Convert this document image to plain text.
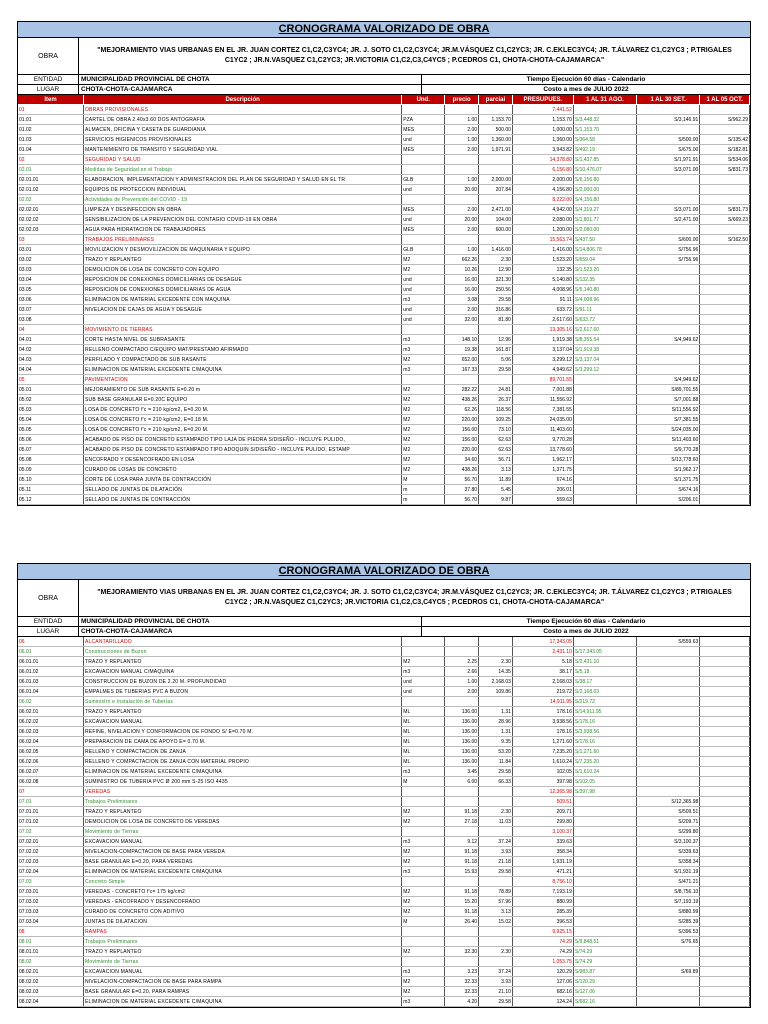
CRONOGRAMA VALORIZADO DE OBRA
OBRA
"MEJORAMIENTO VIAS URBANAS EN EL JR. JUAN CORTEZ C1,C2,C3YC4; JR. J. SOTO C1,C2,C3YC4; JR.M.VÁSQUEZ C1,C2YC3; JR. C.EKLEC3YC4; JR. T.ÁLVAREZ C1,C2YC3 ; P.TRIGALES C1YC2 ; JR.N.VASQUEZ C1,C2YC3; JR.VICTORIA C1,C2,C3,C4YC5 ; P.CEDROS C1, CHOTA-CHOTA-CAJAMARCA"
ENTIDAD	MUNICIPALIDAD PROVINCIAL DE CHOTA	Tiempo Ejecución 60 días - Calendario
LUGAR	CHOTA-CHOTA-CAJAMARCA	Costo a mes de JULIO 2022
Item	Descripción	Und.	precio	parcial	PRESUPUES.	1 AL 31 AGO.	1 AL 30 SET.	1 AL 05 OCT.
01	OBRAS PROVISIONALES				7,441.52			
01.01	CARTEL DE OBRA 2.40x3.60 DOS ANTOGRAFIA	PZA	1.00	1,153.70	1,153.70	S/3,448.32	S/3,146.91	S/962.29
01.02	ALMACEN, OFICINA Y CASETA DE GUARDIANIA	MES	2.00	500.00	1,000.00	S/1,153.70		
01.03	SERVICIOS HIGIENICOS PROVISIONALES	und	1.00	1,360.00	1,360.00	S/364.58	S/500.00	S/135.42
01.04	MANTENIMIENTO DE TRANSITO Y SEGURIDAD VIAL	MES	2.00	1,971.91	3,943.82	S/492.19	S/675.00	S/182.81
02	SEGURIDAD Y SALUD				14,378.80	S/1,437.85	S/1,971.91	S/534.06
02.01	Medidas de Seguridad en el Trabajo				6,156.80	S/10,476.07	S/3,071.00	S/831.73
02.01.01	ELABORACION, IMPLEMENTACION Y ADMINISTRACION DEL PLAN DE SEGURIDAD Y SALUD EN EL TR	GLB	1.00	2,000.00	2,000.00	S/6,156.80		
02.01.02	EQUIPOS DE PROTECCION INDIVIDUAL	und	20.00	207.84	4,156.80	S/2,000.00		
02.02	Actividades de Prevención del COVID - 19				8,222.00	S/4,156.80		
02.02.01	LIMPIEZA Y DESINFECCION EN OBRA	MES	2.00	2,471.00	4,942.00	S/4,319.27	S/3,071.00	S/831.73
02.02.02	SENSIBILIZACION DE LA PREVENCION DEL CONTAGIO COVID-19 EN OBRA	und	20.00	104.00	2,080.00	S/1,801.77	S/2,471.00	S/669.23
02.02.03	AGUA PARA HIDRATACION DE TRABAJADORES	MES	2.00	600.00	1,200.00	S/2,080.00		
03	TRABAJOS PRELIMINARES				15,563.74	S/437.50	S/600.00	S/162.50
03.01	MOVILIZACION Y DESMOVILIZACION DE MAQUINARIA Y EQUIPO	GLB	1.00	1,416.00	1,416.00	S/14,806.78	S/756.96	
03.02	TRAZO Y REPLANTEO	M2	662.26	2.30	1,523.20	S/659.04	S/756.96	
03.03	DEMOLICION DE LOSA DE CONCRETO CON EQUIPO	M2	10.26	12.90	132.35	S/1,523.20		
03.04	REPOSICION DE CONEXIONES DOMICILIARIAS DE DESAGUE	und	16.00	321.30	5,140.80	S/132.35		
03.05	REPOSICION DE CONEXIONES DOMICILIARIAS DE AGUA	und	16.00	250.56	4,008.96	S/5,140.80		
03.06	ELIMINACION DE MATERIAL EXCEDENTE CON MAQUINA	m3	3.08	29.58	91.11	S/4,008.96		
03.07	NIVELACION DE CAJAS DE AGUA Y DESAGUE	und	2.00	316.86	633.72	S/91.11		
03.08		und	32.00	81.80	2,617.60	S/633.72		
04	MOVIMIENTO DE TIERRAS				13,305.16	S/2,617.60		
04.01	CORTE HASTA NIVEL DE SUBRASANTE	m3	148.10	12.96	1,919.38	S/8,355.54	S/4,949.62	
04.02	RELLENO COMPACTADO C/EQUIPO MAT/PRESTAMO AFIRMADO	m3	19.38	161.87	3,137.04	S/1,919.38		
04.03	PERFILADO Y COMPACTADO DE SUB RASANTE	M2	652.00	5.06	3,299.12	S/3,137.04		
04.04	ELIMINACION DE MATERIAL EXCEDENTE C/MAQUINA	m3	167.33	29.58	4,949.62	S/3,299.12		
05	PAVIMENTACION				89,701.55		S/4,949.62	
05.01	MEJORAMIENTO DE SUB RASANTE E=0.20 m	M2	282.22	24.81	7,001.88		S/89,701.55	
05.02	SUB BASE GRANULAR E=0.20C EQUIPO	M2	438.26	26.37	11,556.92		S/7,001.88	
05.03	LOSA DE CONCRETO f'c = 210 kg/cm2, E=0.20 M.	M2	62.26	118.56	7,381.55		S/11,556.92	
05.04	LOSA DE CONCRETO f'c = 210 kg/cm2, E=0.18 M.	M2	220.00	109.25	24,035.00		S/7,381.55	
05.05	LOSA DE CONCRETO f'c = 210 kg/cm2, E=0.20 M.	M2	156.00	73.10	11,403.60		S/24,035.00	
05.06	ACABADO DE PISO DE CONCRETO ESTAMPADO TIPO LAJA DE PIEDRA S/DISEÑO - INCLUYE PULIDO,	M2	156.00	62.63	9,770.28		S/11,403.60	
05.07	ACABADO DE PISO DE CONCRETO ESTAMPADO TIPO ADOQUIN S/DISEÑO - INCLUYE PULIDO, ESTAMP	M2	220.00	62.63	13,778.60		S/9,770.28	
05.08	ENCOFRADO Y DESENCOFRADO EN LOSA	M2	34.60	56.71	1,962.17		S/13,778.60	
05.09	CURADO DE LOSAS DE CONCRETO	M2	438.26	3.13	1,371.75		S/1,962.17	
05.10	CORTE DE LOSA PARA JUNTA DE CONTRACCIÓN	M	56.70	11.89	674.16		S/1,371.75	
05.11	SELLADO DE JUNTAS DE DILATACIÓN	m	37.80	5.45	206.01		S/674.16	
05.12	SELLADO DE JUNTAS DE CONTRACCIÓN	m	56.70	9.87	559.63		S/206.01	
CRONOGRAMA VALORIZADO DE OBRA
OBRA
"MEJORAMIENTO VIAS URBANAS EN EL JR. JUAN CORTEZ C1,C2,C3YC4; JR. J. SOTO C1,C2,C3YC4; JR.M.VÁSQUEZ C1,C2YC3; JR. C.EKLEC3YC4; JR. T.ÁLVAREZ C1,C2YC3 ; P.TRIGALES C1YC2 ; JR.N.VASQUEZ C1,C2YC3; JR.VICTORIA C1,C2,C3,C4YC5 ; P.CEDROS C1, CHOTA-CHOTA-CAJAMARCA"
ENTIDAD	MUNICIPALIDAD PROVINCIAL DE CHOTA	Tiempo Ejecución 60 días - Calendario
LUGAR	CHOTA-CHOTA-CAJAMARCA	Costo a mes de JULIO 2022
06	ALCANTARILLADO				17,343.05		S/559.63	
06.01	Construcciones de Buzon				2,431.10	S/17,343.05		
06.01.01	TRAZO Y REPLANTEO	M2	2.25	2.30	5.18	S/2,431.10		
06.01.02	EXCAVACION MANUAL C/MAQUINA	m3	2.66	14.35	38.17	S/5.18		
06.01.03	CONSTRUCCION DE BUZON DE 2.20 M. PROFUNDIDAD	und	1.00	2,168.03	2,168.03	S/38.17		
06.01.04	EMPALMES DE TUBERIAS PVC A BUZON	und	2.00	109.86	219.72	S/2,168.03		
06.02	Suministro e Instalación de Tuberías				14,911.95	S/219.72		
06.02.01	TRAZO Y REPLANTEO	ML	136.00	1.31	178.16	S/14,911.95		
06.02.02	EXCAVACION MANUAL	ML	136.00	28.96	3,938.56	S/178.16		
06.02.03	REFINE, NIVELACION Y CONFORMACION DE FONDO S/ E=0.70 M.	ML	136.00	1.31	178.16	S/3,938.56		
06.02.04	PREPARACION DE CAMA DE APOYO E= 0.70 M.	ML	136.00	9.35	1,271.60	S/178.16		
06.02.05	RELLENO Y COMPACTACION DE ZANJA	ML	136.00	53.20	7,235.20	S/1,271.60		
06.02.06	RELLENO Y COMPACTACION DE ZANJA CON MATERIAL PROPIO	ML	136.00	11.84	1,610.24	S/7,235.20		
06.02.07	ELIMINACION DE MATERIAL EXCEDENTE C/MAQUINA	m3	3.45	29.58	102.05	S/1,610.24		
06.02.08	SUMINISTRO DE TUBERIA PVC Ø 200 mm S-25 ISO 4435	M	6.00	66.33	397.98	S/102.05		
07	VEREDAS				12,365.98	S/397.98		
07.01	Trabajos Preliminares				509.51		S/12,365.98	
07.01.01	TRAZO Y REPLANTEO	M2	91.18	2.30	209.71		S/509.51	
07.01.02	DEMOLICION DE LOSA DE CONCRETO DE VEREDAS	M2	27.18	11.03	299.80		S/209.71	
07.02	Movimiento de Tierras				3,100.37		S/299.80	
07.02.01	EXCAVACION MANUAL	m3	9.12	37.24	339.63		S/3,100.37	
07.02.02	NIVELACION-COMPACTACION DE BASE PARA VEREDA	M2	91.18	3.93	358.34		S/339.63	
07.02.03	BASE GRANULAR E=0.20, PARA VEREDAS	M2	91.18	21.18	1,931.19		S/358.34	
07.02.04	ELIMINACION DE MATERIAL EXCEDENTE C/MAQUINA	m3	15.93	29.58	471.21		S/1,931.19	
07.03	Concreto Simple				8,756.10		S/471.21	
07.03.01	VEREDAS - CONCRETO f'c= 175 kg/cm2	M2	91.18	78.89	7,193.19		S/8,756.10	
07.03.02	VEREDAS - ENCOFRADO Y DESENCOFRADO	M2	15.20	57.96	880.99		S/7,193.19	
07.03.03	CURADO DE CONCRETO CON ADITIVO	M2	91.18	3.13	285.39		S/880.99	
07.03.04	JUNTAS DE DILATACION	M	26.40	15.02	396.53		S/285.39	
08	RAMPAS				9,925.15		S/396.53	
08.01	Trabajos Preliminares				74.29	S/9,848.51	S/76.65	
08.01.01	TRAZO Y REPLANTEO	M2	32.30	2.30	74.29	S/74.29		
08.02	Movimiento de Tierras				1,053.75	S/74.29		
08.02.01	EXCAVACION MANUAL	m3	3.23	37.24	120.29	S/983.87	S/69.89	
08.02.02	NIVELACION-COMPACTACION DE BASE PARA RAMPA	M2	32.33	3.93	127.06	S/120.29		
08.02.03	BASE GRANULAR E=0.20, PARA RAMPAS	M2	32.33	21.10	682.16	S/127.06		
08.02.04	ELIMINACION DE MATERIAL EXCEDENTE C/MAQUINA	m3	4.20	29.58	124.24	S/682.16		
